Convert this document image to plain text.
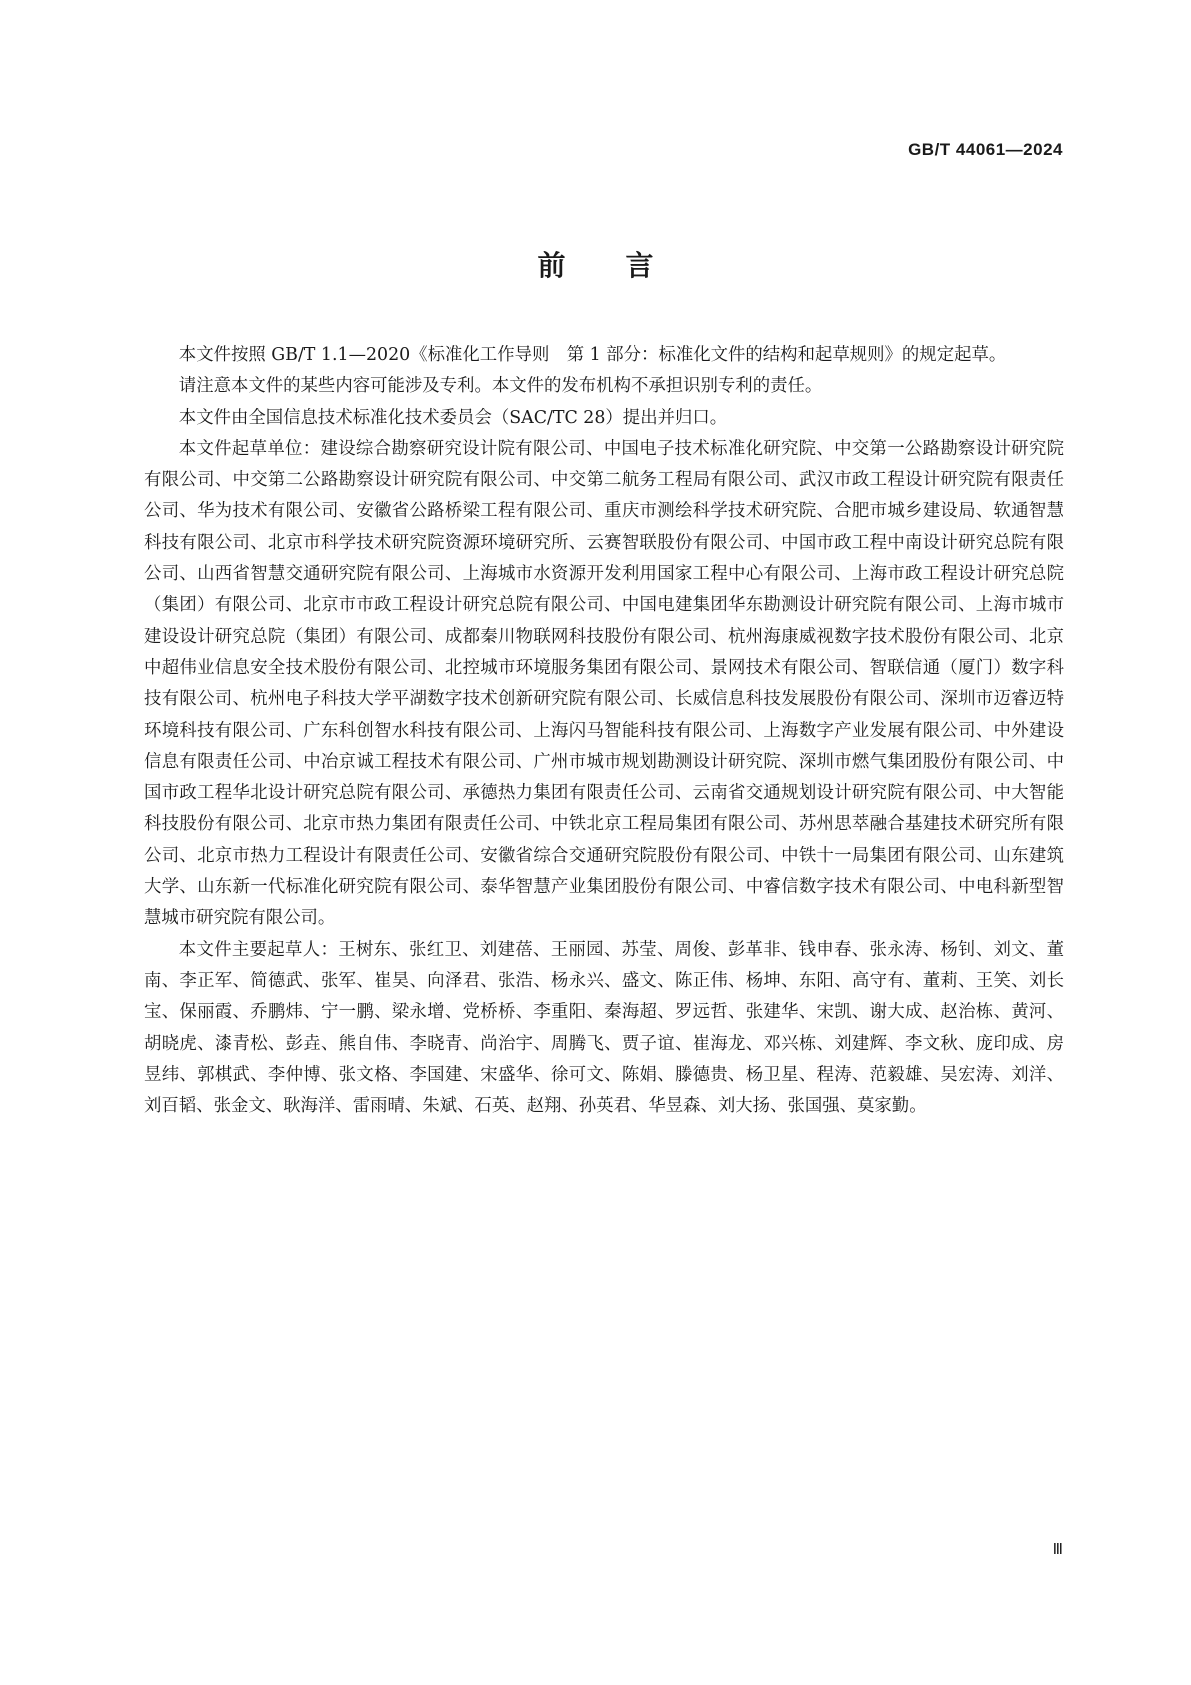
GB/T 44061—2024
前言

本文件按照 GB/T 1.1—2020《标准化工作导则　第 1 部分：标准化文件的结构和起草规则》的规定起草。

请注意本文件的某些内容可能涉及专利。本文件的发布机构不承担识别专利的责任。

本文件由全国信息技术标准化技术委员会（SAC/TC 28）提出并归口。

本文件起草单位：建设综合勘察研究设计院有限公司、中国电子技术标准化研究院、中交第一公路勘察设计研究院有限公司、中交第二公路勘察设计研究院有限公司、中交第二航务工程局有限公司、武汉市政工程设计研究院有限责任公司、华为技术有限公司、安徽省公路桥梁工程有限公司、重庆市测绘科学技术研究院、合肥市城乡建设局、软通智慧科技有限公司、北京市科学技术研究院资源环境研究所、云赛智联股份有限公司、中国市政工程中南设计研究总院有限公司、山西省智慧交通研究院有限公司、上海城市水资源开发利用国家工程中心有限公司、上海市政工程设计研究总院（集团）有限公司、北京市市政工程设计研究总院有限公司、中国电建集团华东勘测设计研究院有限公司、上海市城市建设设计研究总院（集团）有限公司、成都秦川物联网科技股份有限公司、杭州海康威视数字技术股份有限公司、北京中超伟业信息安全技术股份有限公司、北控城市环境服务集团有限公司、景网技术有限公司、智联信通（厦门）数字科技有限公司、杭州电子科技大学平湖数字技术创新研究院有限公司、长威信息科技发展股份有限公司、深圳市迈睿迈特环境科技有限公司、广东科创智水科技有限公司、上海闪马智能科技有限公司、上海数字产业发展有限公司、中外建设信息有限责任公司、中冶京诚工程技术有限公司、广州市城市规划勘测设计研究院、深圳市燃气集团股份有限公司、中国市政工程华北设计研究总院有限公司、承德热力集团有限责任公司、云南省交通规划设计研究院有限公司、中大智能科技股份有限公司、北京市热力集团有限责任公司、中铁北京工程局集团有限公司、苏州思萃融合基建技术研究所有限公司、北京市热力工程设计有限责任公司、安徽省综合交通研究院股份有限公司、中铁十一局集团有限公司、山东建筑大学、山东新一代标准化研究院有限公司、泰华智慧产业集团股份有限公司、中睿信数字技术有限公司、中电科新型智慧城市研究院有限公司。

本文件主要起草人：王树东、张红卫、刘建蓓、王丽园、苏莹、周俊、彭革非、钱申春、张永涛、杨钊、刘文、董南、李正军、简德武、张军、崔昊、向泽君、张浩、杨永兴、盛文、陈正伟、杨坤、东阳、高守有、董莉、王笑、刘长宝、保丽霞、乔鹏炜、宁一鹏、梁永增、党桥桥、李重阳、秦海超、罗远哲、张建华、宋凯、谢大成、赵治栋、黄河、胡晓虎、漆青松、彭垚、熊自伟、李晓青、尚治宇、周腾飞、贾子谊、崔海龙、邓兴栋、刘建辉、李文秋、庞印成、房昱纬、郭棋武、李仲博、张文格、李国建、宋盛华、徐可文、陈娟、滕德贵、杨卫星、程涛、范毅雄、吴宏涛、刘洋、刘百韬、张金文、耿海洋、雷雨晴、朱斌、石英、赵翔、孙英君、华昱森、刘大扬、张国强、莫家勤。

Ⅲ
